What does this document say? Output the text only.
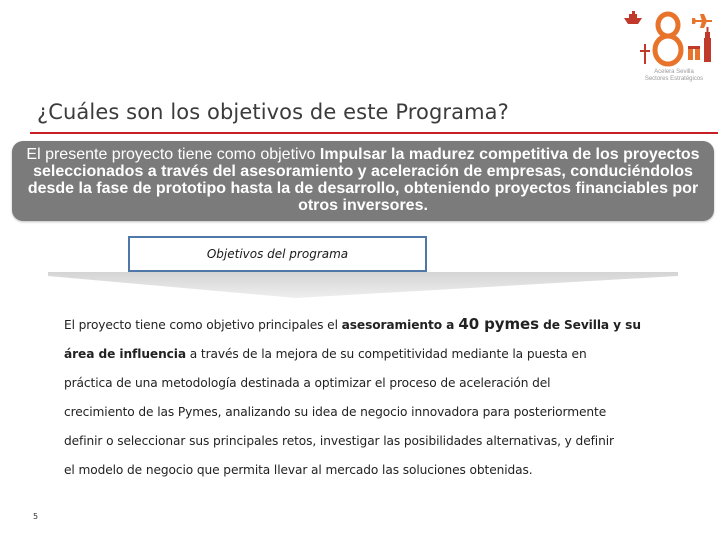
Acelera Sevilla
Sectores Estratégicos
¿Cuáles son los objetivos de este Programa?
El presente proyecto tiene como objetivo Impulsar la madurez competitiva de los proyectos seleccionados a través del asesoramiento y aceleración de empresas, conduciéndolos desde la fase de prototipo hasta la de desarrollo, obteniendo proyectos financiables por otros inversores.
Objetivos del programa
El proyecto tiene como objetivo principales el asesoramiento a 40 pymes de Sevilla y su
área de influencia a través de la mejora de su competitividad mediante la puesta en
práctica de una metodología destinada a optimizar el proceso de aceleración del
crecimiento de las Pymes, analizando su idea de negocio innovadora para posteriormente
definir o seleccionar sus principales retos, investigar las posibilidades alternativas, y definir
el modelo de negocio que permita llevar al mercado las soluciones obtenidas.
5
